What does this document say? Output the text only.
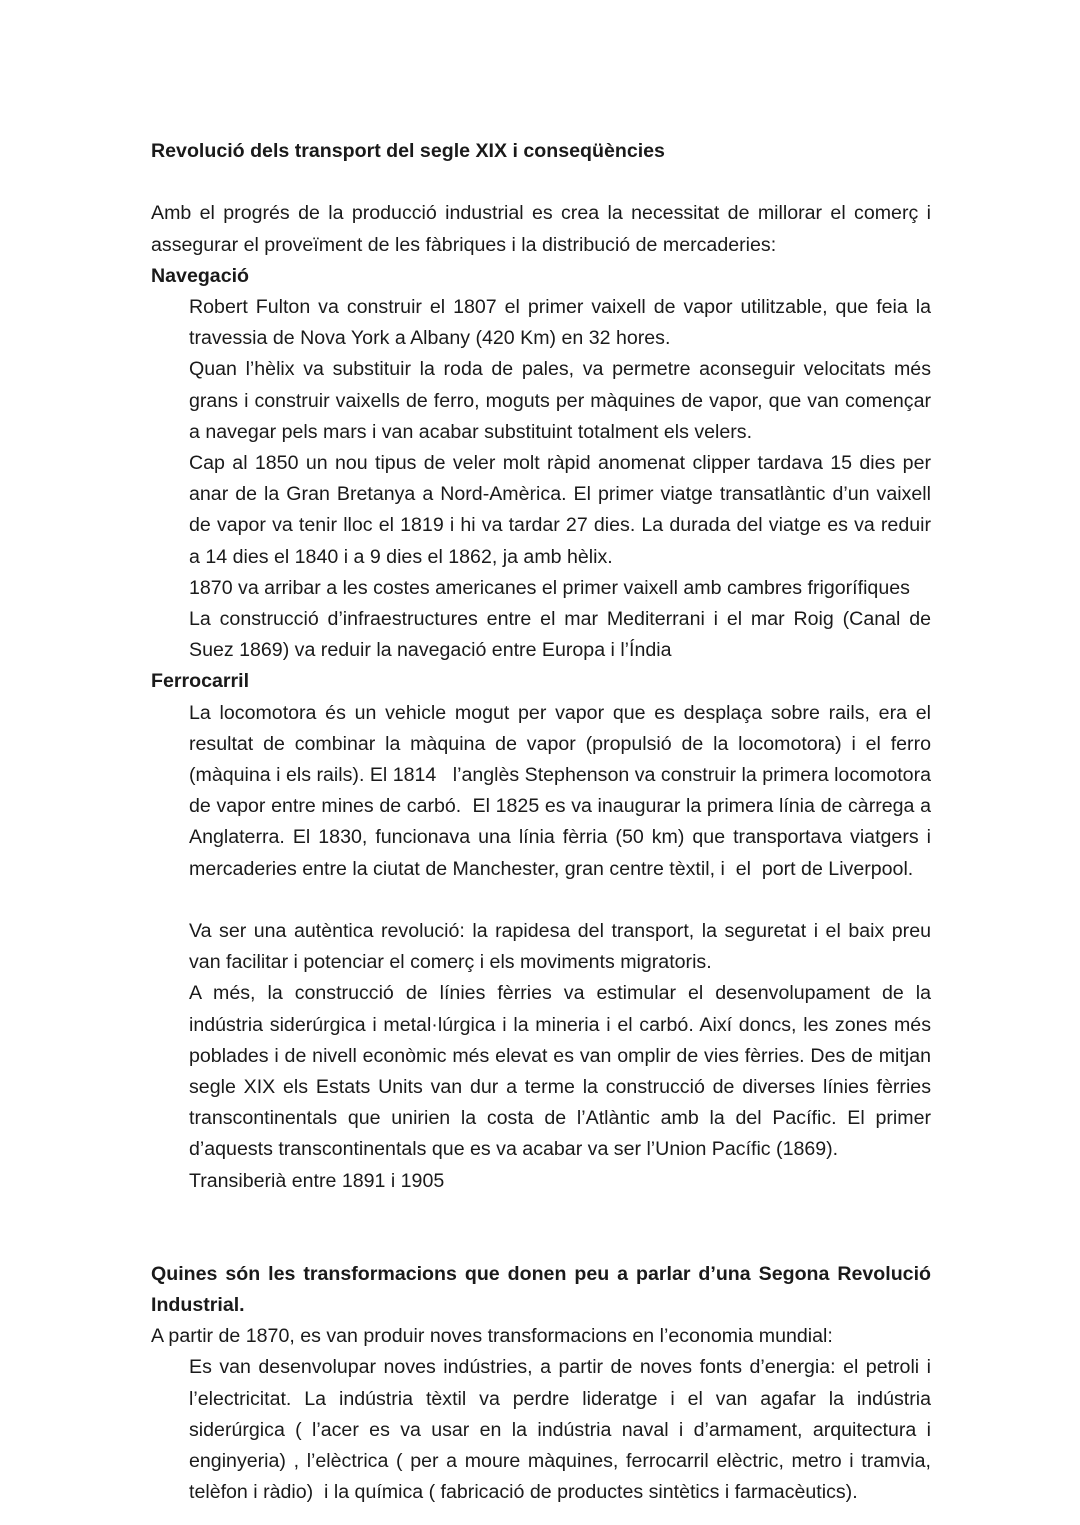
Revolució dels transport del segle XIX i conseqüències
Amb el progrés de la producció industrial es crea la necessitat de millorar el comerç i assegurar el proveïment de les fàbriques i la distribució de mercaderies:
Navegació
Robert Fulton va construir el 1807 el primer vaixell de vapor utilitzable, que feia la travessia de Nova York a Albany (420 Km) en 32 hores.
Quan l’hèlix va substituir la roda de pales, va permetre aconseguir velocitats més grans i construir vaixells de ferro, moguts per màquines de vapor, que van començar a navegar pels mars i van acabar substituint totalment els velers.
Cap al 1850 un nou tipus de veler molt ràpid anomenat clipper tardava 15 dies per anar de la Gran Bretanya a Nord-Amèrica. El primer viatge transatlàntic d’un vaixell de vapor va tenir lloc el 1819 i hi va tardar 27 dies. La durada del viatge es va reduir a 14 dies el 1840 i a 9 dies el 1862, ja amb hèlix.
1870 va arribar a les costes americanes el primer vaixell amb cambres frigorífiques
La construcció d’infraestructures entre el mar Mediterrani i el mar Roig (Canal de Suez 1869) va reduir la navegació entre Europa i l’Índia
Ferrocarril
La locomotora és un vehicle mogut per vapor que es desplaça sobre rails, era el resultat de combinar la màquina de vapor (propulsió de la locomotora) i el ferro (màquina i els rails). El 1814   l’anglès Stephenson va construir la primera locomotora de vapor entre mines de carbó.  El 1825 es va inaugurar la primera línia de càrrega a Anglaterra. El 1830, funcionava una línia fèrria (50 km) que transportava viatgers i mercaderies entre la ciutat de Manchester, gran centre tèxtil, i  el  port de Liverpool.
Va ser una autèntica revolució: la rapidesa del transport, la seguretat i el baix preu van facilitar i potenciar el comerç i els moviments migratoris.
A més, la construcció de línies fèrries va estimular el desenvolupament de la indústria siderúrgica i metal·lúrgica i la mineria i el carbó. Així doncs, les zones més poblades i de nivell econòmic més elevat es van omplir de vies fèrries. Des de mitjan segle XIX els Estats Units van dur a terme la construcció de diverses línies fèrries transcontinentals que unirien la costa de l’Atlàntic amb la del Pacífic. El primer d’aquests transcontinentals que es va acabar va ser l’Union Pacífic (1869).
Transiberià entre 1891 i 1905
Quines són les transformacions que donen peu a parlar d’una Segona Revolució Industrial.
A partir de 1870, es van produir noves transformacions en l’economia mundial:
Es van desenvolupar noves indústries, a partir de noves fonts d’energia: el petroli i l’electricitat. La indústria tèxtil va perdre lideratge i el van agafar la indústria siderúrgica ( l’acer es va usar en la indústria naval i d’armament, arquitectura i enginyeria) , l’elèctrica ( per a moure màquines, ferrocarril elèctric, metro i tramvia, telèfon i ràdio)  i la química ( fabricació de productes sintètics i farmacèutics).
